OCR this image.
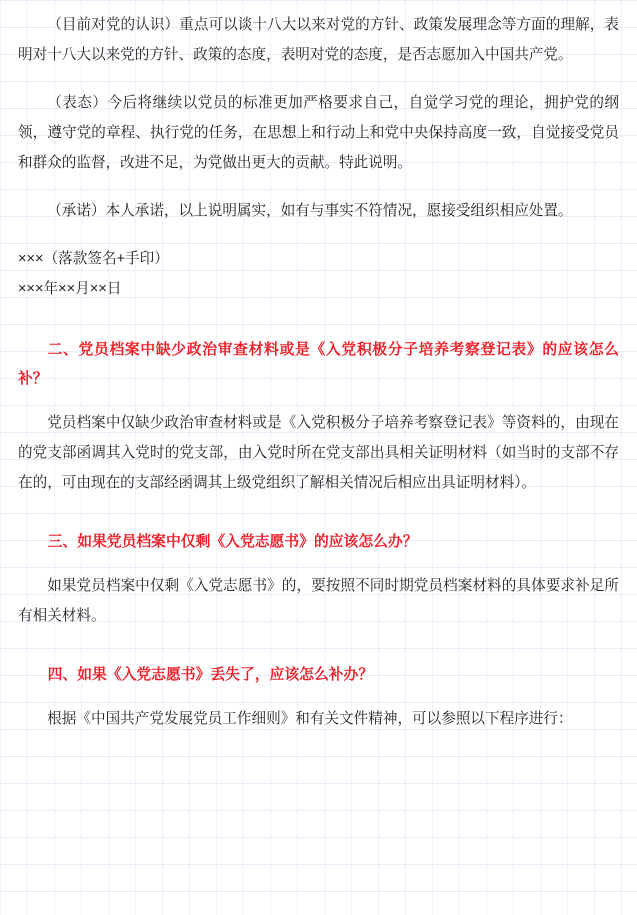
（目前对党的认识）重点可以谈十八大以来对党的方针、政策发展理念等方面的理解，表明对十八大以来党的方针、政策的态度，表明对党的态度，是否志愿加入中国共产党。

（表态）今后将继续以党员的标准更加严格要求自己，自觉学习党的理论，拥护党的纲领，遵守党的章程、执行党的任务，在思想上和行动上和党中央保持高度一致，自觉接受党员和群众的监督，改进不足，为党做出更大的贡献。特此说明。

（承诺）本人承诺，以上说明属实，如有与事实不符情况，愿接受组织相应处置。

×××（落款签名+手印）

×××年××月××日

二、党员档案中缺少政治审查材料或是《入党积极分子培养考察登记表》的应该怎么补？

党员档案中仅缺少政治审查材料或是《入党积极分子培养考察登记表》等资料的，由现在的党支部函调其入党时的党支部，由入党时所在党支部出具相关证明材料（如当时的支部不存在的，可由现在的支部经函调其上级党组织了解相关情况后相应出具证明材料）。

三、如果党员档案中仅剩《入党志愿书》的应该怎么办？

如果党员档案中仅剩《入党志愿书》的，要按照不同时期党员档案材料的具体要求补足所有相关材料。

四、如果《入党志愿书》丢失了，应该怎么补办？

根据《中国共产党发展党员工作细则》和有关文件精神，可以参照以下程序进行：
